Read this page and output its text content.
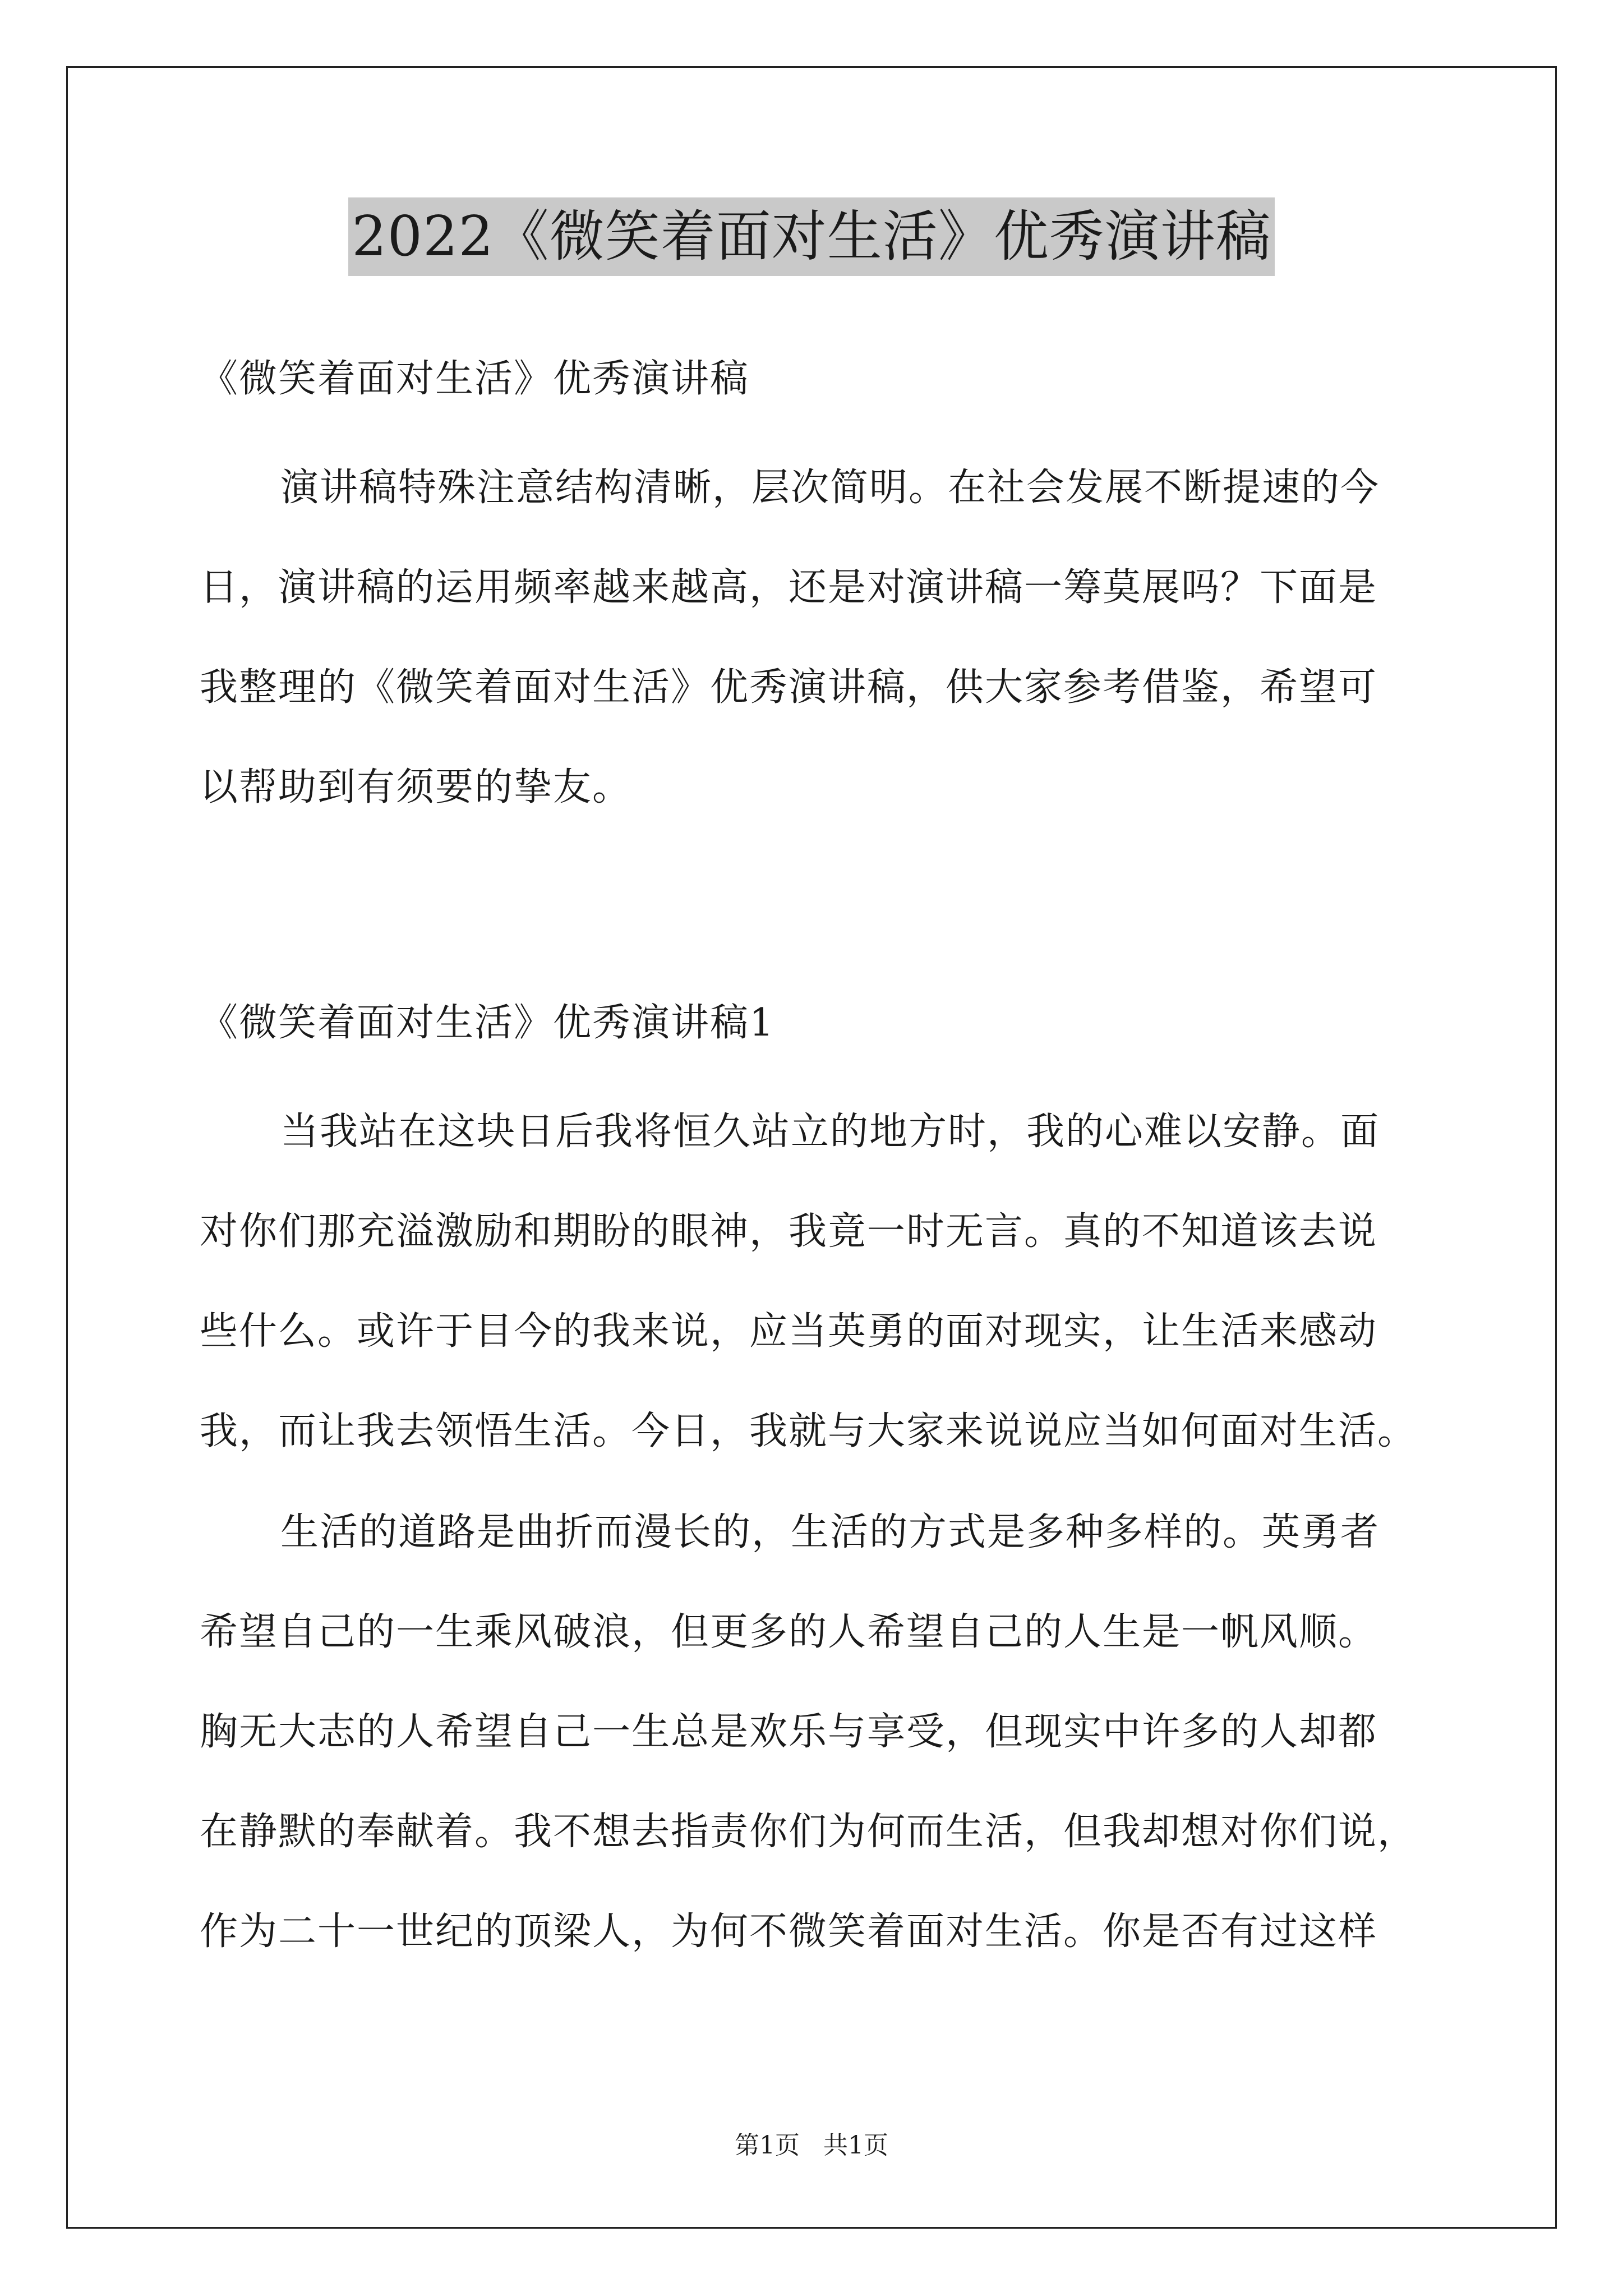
2022《微笑着面对生活》优秀演讲稿
《微笑着面对生活》优秀演讲稿
演讲稿特殊注意结构清晰，层次简明。在社会发展不断提速的今
日，演讲稿的运用频率越来越高，还是对演讲稿一筹莫展吗？下面是
我整理的《微笑着面对生活》优秀演讲稿，供大家参考借鉴，希望可
以帮助到有须要的挚友。
《微笑着面对生活》优秀演讲稿1
当我站在这块日后我将恒久站立的地方时，我的心难以安静。面
对你们那充溢激励和期盼的眼神，我竟一时无言。真的不知道该去说
些什么。或许于目今的我来说，应当英勇的面对现实，让生活来感动
我，而让我去领悟生活。今日，我就与大家来说说应当如何面对生活。
生活的道路是曲折而漫长的，生活的方式是多种多样的。英勇者
希望自己的一生乘风破浪，但更多的人希望自己的人生是一帆风顺。
胸无大志的人希望自己一生总是欢乐与享受，但现实中许多的人却都
在静默的奉献着。我不想去指责你们为何而生活，但我却想对你们说，
作为二十一世纪的顶梁人，为何不微笑着面对生活。你是否有过这样
第1页   共1页
